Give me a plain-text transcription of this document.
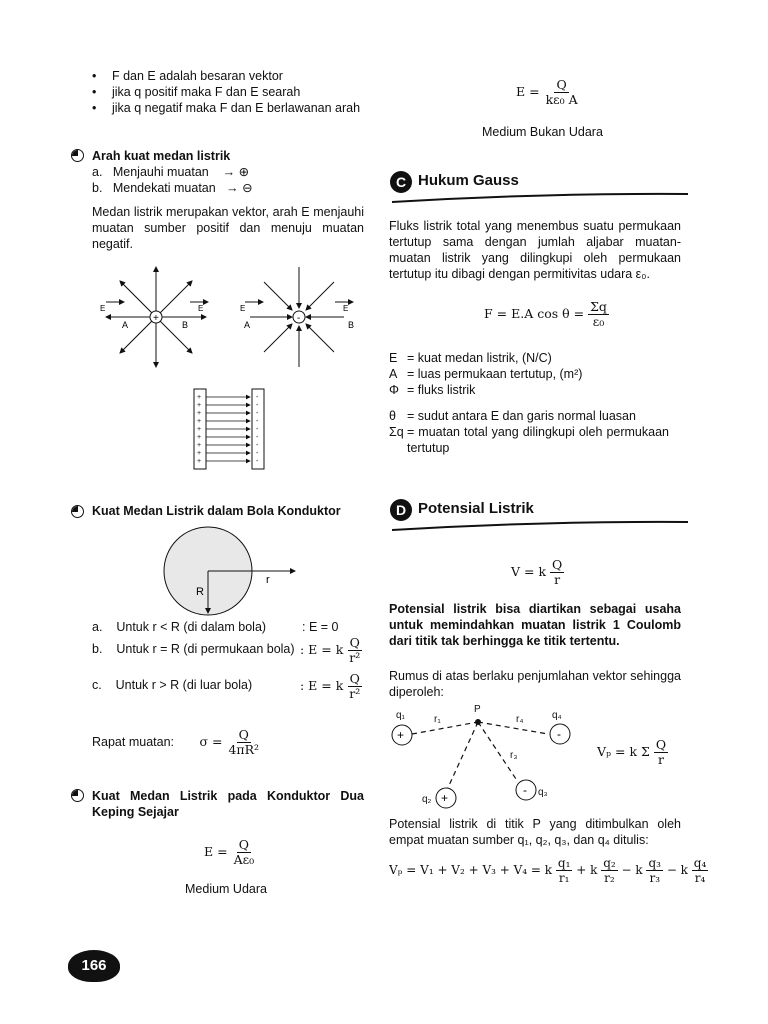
• F dan E adalah besaran vektor
• jika q positif maka F dan E searah
• jika q negatif maka F dan E berlawanan arah
Arah kuat medan listrik
a. Menjauhi muatan → ⊕
b. Mendekati muatan → ⊖
Medan listrik merupakan vektor, arah E menjauhi muatan sumber positif dan menuju muatan negatif.
+
E	E
A	B
-
E	E
A	B
+
+
+
+
+
+
+
+
+
-
-
-
-
-
-
-
-
-
Kuat Medan Listrik dalam Bola Konduktor
r
R
a. Untuk r < R (di dalam bola)	: E = 0
b. Untuk r = R (di permukaan bola) : E = k $\frac{Q}{\text{r²}}$
c. Untuk r > R (di luar bola)	: E = k $\frac{Q}{\text{r²}}$
Rapat muatan: $\sigma = \frac{Q}{\text{4πR²}}$
Kuat Medan Listrik pada Konduktor Dua Keping Sejajar
$E = \frac{Q}{\text{Aε₀}}$
Medium Udara
166
$E = \frac{Q}{\text{kε₀ A}}$
Medium Bukan Udara
C Hukum Gauss
Fluks listrik total yang menembus suatu permukaan tertutup sama dengan jumlah aljabar muatan-muatan listrik yang dilingkupi oleh permukaan tertutup itu dibagi dengan permitivitas udara ε₀.
F = E.A $\cos \theta = \frac{\Sigma q}{\text{ε₀}}$
E = kuat medan listrik, (N/C)
A = luas permukaan tertutup, (m²)
Φ = fluks listrik
θ = sudut antara E dan garis normal luasan
Σq = muatan total yang dilingkupi oleh permukaan tertutup
D Potensial Listrik
V = k $\frac{Q}{r}$
Potensial listrik bisa diartikan sebagai usaha untuk memindahkan muatan listrik 1 Coulomb dari titik tak berhingga ke titik tertentu.
Rumus di atas berlaku penjumlahan vektor sehingga diperoleh:
+	-
+
-
q₁	r₁
P
r₄	q₄
r₃
q₂
q₃
Vₚ = k Σ $\frac{Q}{r}$
Potensial listrik di titik P yang ditimbulkan oleh empat muatan sumber q₁, q₂, q₃, dan q₄ ditulis:
Vₚ = V₁ + V₂ + V₃ + V₄ = k $\frac{\text{q₁}}{\text{r₁}} + k \frac{\text{q₂}}{\text{r₂}} - k \frac{\text{q₃}}{\text{r₃}} - k \frac{\text{q₄}}{\text{r₄}}$
